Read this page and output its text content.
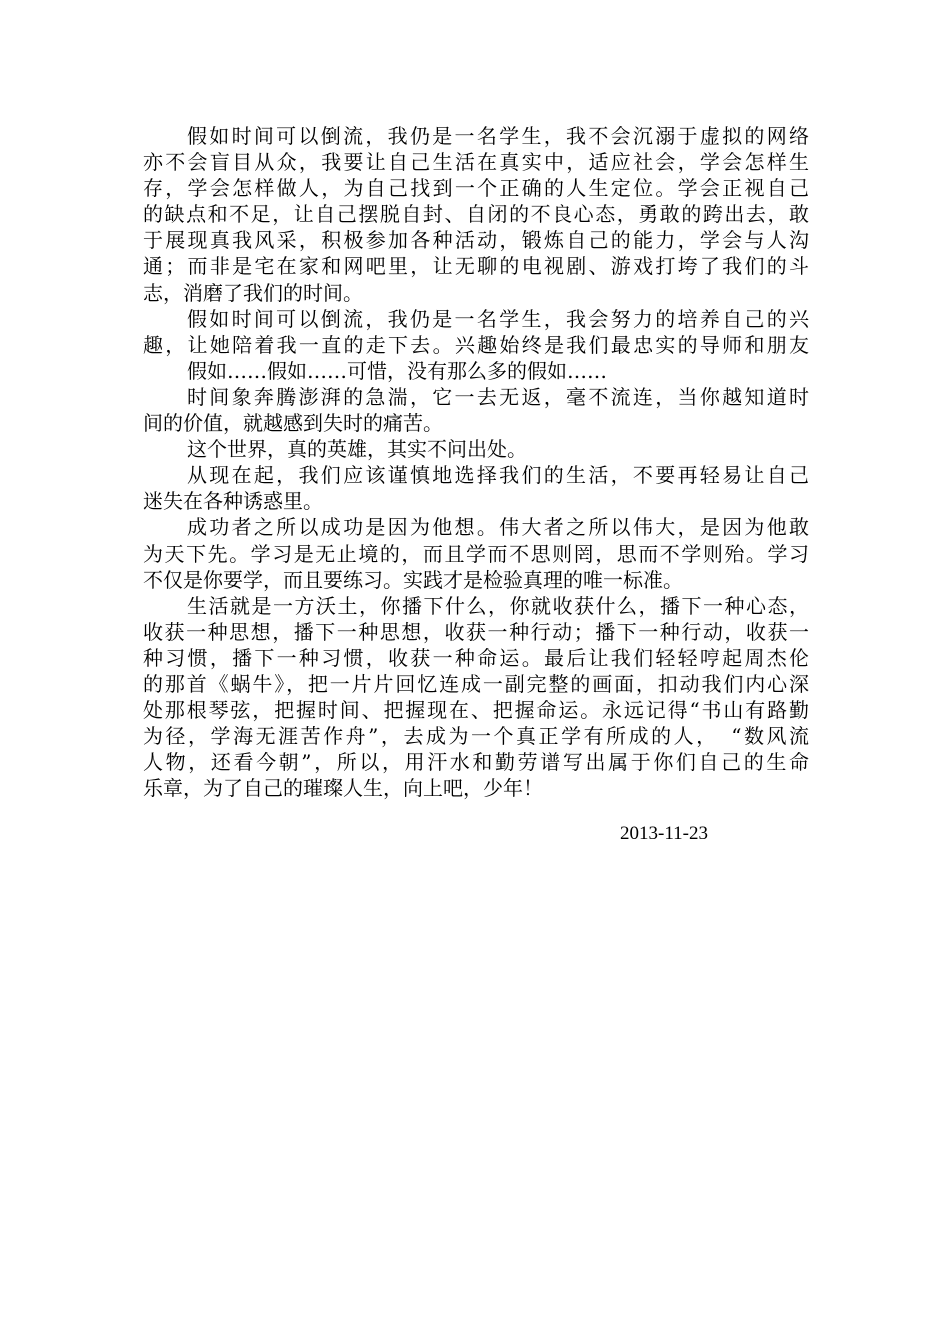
假如时间可以倒流，我仍是一名学生，我不会沉溺于虚拟的网络
亦不会盲目从众，我要让自己生活在真实中，适应社会，学会怎样生
存，学会怎样做人，为自己找到一个正确的人生定位。学会正视自己
的缺点和不足，让自己摆脱自封、自闭的不良心态，勇敢的跨出去，敢
于展现真我风采，积极参加各种活动，锻炼自己的能力，学会与人沟
通；而非是宅在家和网吧里，让无聊的电视剧、游戏打垮了我们的斗
志，消磨了我们的时间。
假如时间可以倒流，我仍是一名学生，我会努力的培养自己的兴
趣，让她陪着我一直的走下去。兴趣始终是我们最忠实的导师和朋友
假如……假如……可惜，没有那么多的假如……
时间象奔腾澎湃的急湍，它一去无返，毫不流连，当你越知道时
间的价值，就越感到失时的痛苦。
这个世界，真的英雄，其实不问出处。
从现在起，我们应该谨慎地选择我们的生活，不要再轻易让自己
迷失在各种诱惑里。
成功者之所以成功是因为他想。伟大者之所以伟大，是因为他敢
为天下先。学习是无止境的，而且学而不思则罔，思而不学则殆。学习
不仅是你要学，而且要练习。实践才是检验真理的唯一标准。
生活就是一方沃土，你播下什么，你就收获什么，播下一种心态，
收获一种思想，播下一种思想，收获一种行动；播下一种行动，收获一
种习惯，播下一种习惯，收获一种命运。最后让我们轻轻哼起周杰伦
的那首《蜗牛》，把一片片回忆连成一副完整的画面，扣动我们内心深
处那根琴弦，把握时间、把握现在、把握命运。永远记得“书山有路勤
为径，学海无涯苦作舟”，去成为一个真正学有所成的人，　“数风流
人物，还看今朝”，所以，用汗水和勤劳谱写出属于你们自己的生命
乐章，为了自己的璀璨人生，向上吧，少年！
2013-11-23
